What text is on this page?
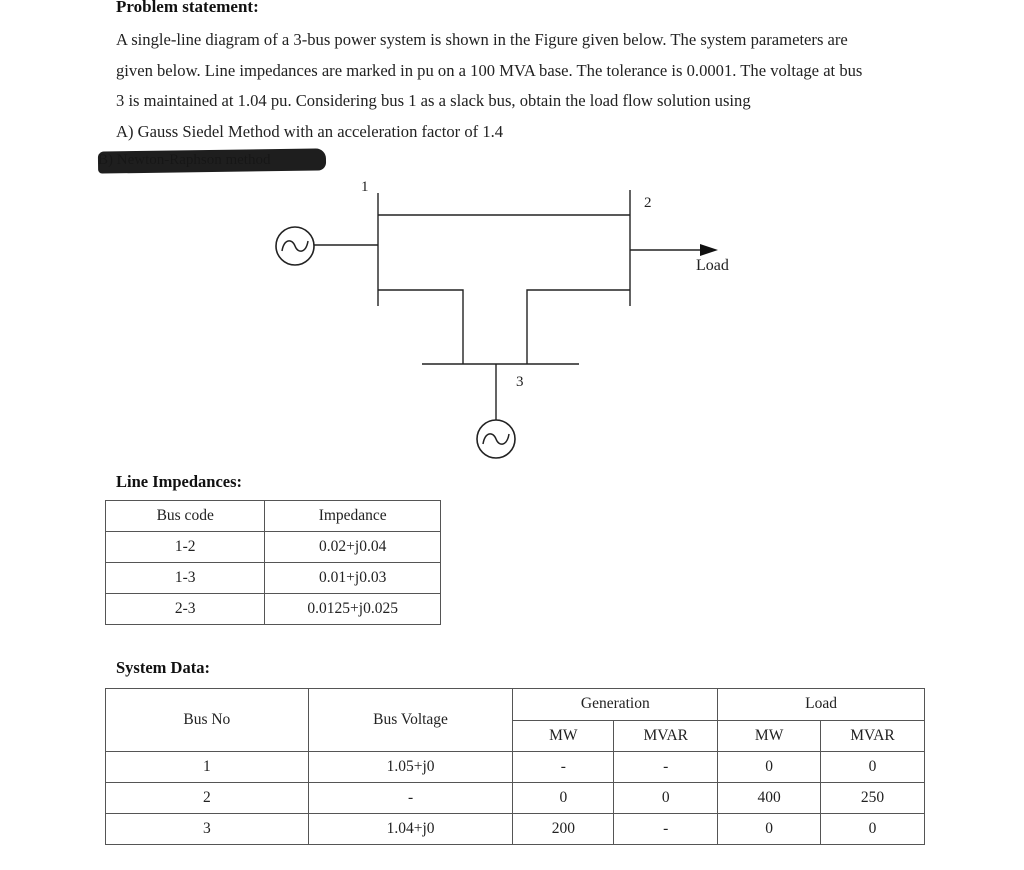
Problem statement:

A single-line diagram of a 3-bus power system is shown in the Figure given below. The system parameters are

given below. Line impedances are marked in pu on a 100 MVA base. The tolerance is 0.0001. The voltage at bus

3 is maintained at 1.04 pu. Considering bus 1 as a slack bus, obtain the load flow solution using

A) Gauss Siedel Method with an acceleration factor of 1.4

1
2
3
Load
Line Impedances:
Bus code	Impedance
1-2	0.02+j0.04
1-3	0.01+j0.03
2-3	0.0125+j0.025
System Data:
Bus No	Bus Voltage	Generation		Load	
		MW	MVAR	MW	MVAR
1	1.05+j0	-	-	0	0
2	-	0	0	400	250
3	1.04+j0	200	-	0	0
